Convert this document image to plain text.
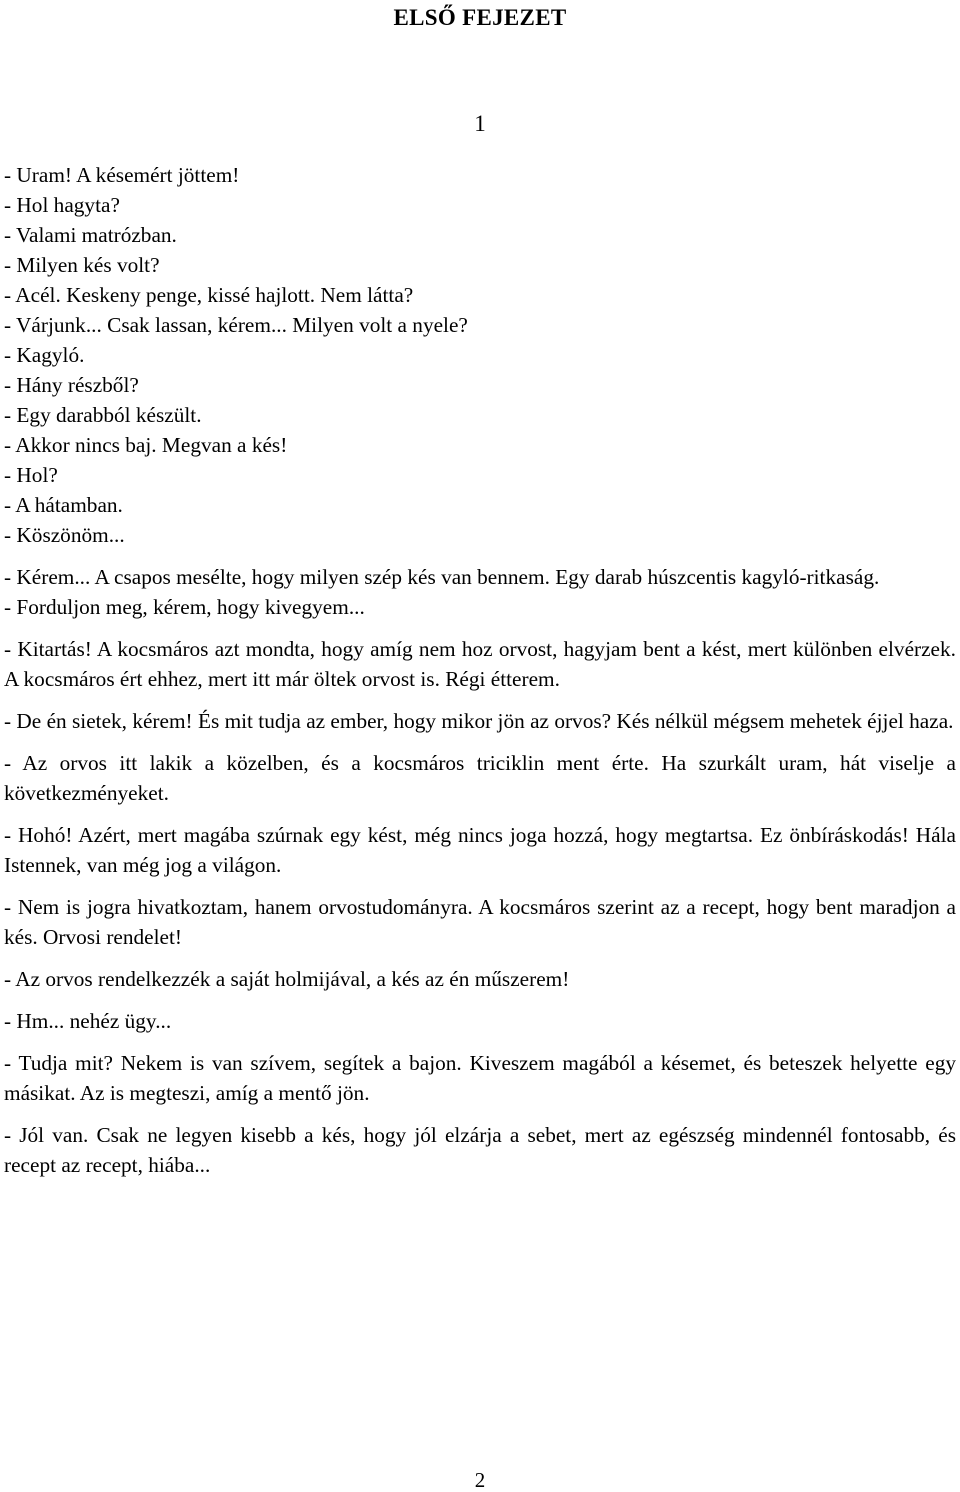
ELSŐ FEJEZET
1

- Uram! A késemért jöttem!

- Hol hagyta?

- Valami matrózban.

- Milyen kés volt?

- Acél. Keskeny penge, kissé hajlott. Nem látta?

- Várjunk... Csak lassan, kérem... Milyen volt a nyele?

- Kagyló.

- Hány részből?

- Egy darabból készült.

- Akkor nincs baj. Megvan a kés!

- Hol?

- A hátamban.

- Köszönöm...

- Kérem... A csapos mesélte, hogy milyen szép kés van bennem. Egy darab húszcentis kagyló-ritkaság.

- Forduljon meg, kérem, hogy kivegyem...

- Kitartás! A kocsmáros azt mondta, hogy amíg nem hoz orvost, hagyjam bent a kést, mert különben elvérzek. A kocsmáros ért ehhez, mert itt már öltek orvost is. Régi étterem.

- De én sietek, kérem! És mit tudja az ember, hogy mikor jön az orvos? Kés nélkül mégsem mehetek éjjel haza.

- Az orvos itt lakik a közelben, és a kocsmáros triciklin ment érte. Ha szurkált uram, hát viselje a következményeket.

- Hohó! Azért, mert magába szúrnak egy kést, még nincs joga hozzá, hogy megtartsa. Ez önbíráskodás! Hála Istennek, van még jog a világon.

- Nem is jogra hivatkoztam, hanem orvostudományra. A kocsmáros szerint az a recept, hogy bent maradjon a kés. Orvosi rendelet!

- Az orvos rendelkezzék a saját holmijával, a kés az én műszerem!

- Hm... nehéz ügy...

- Tudja mit? Nekem is van szívem, segítek a bajon. Kiveszem magából a késemet, és beteszek helyette egy másikat. Az is megteszi, amíg a mentő jön.

- Jól van. Csak ne legyen kisebb a kés, hogy jól elzárja a sebet, mert az egészség mindennél fontosabb, és recept az recept, hiába...

2
